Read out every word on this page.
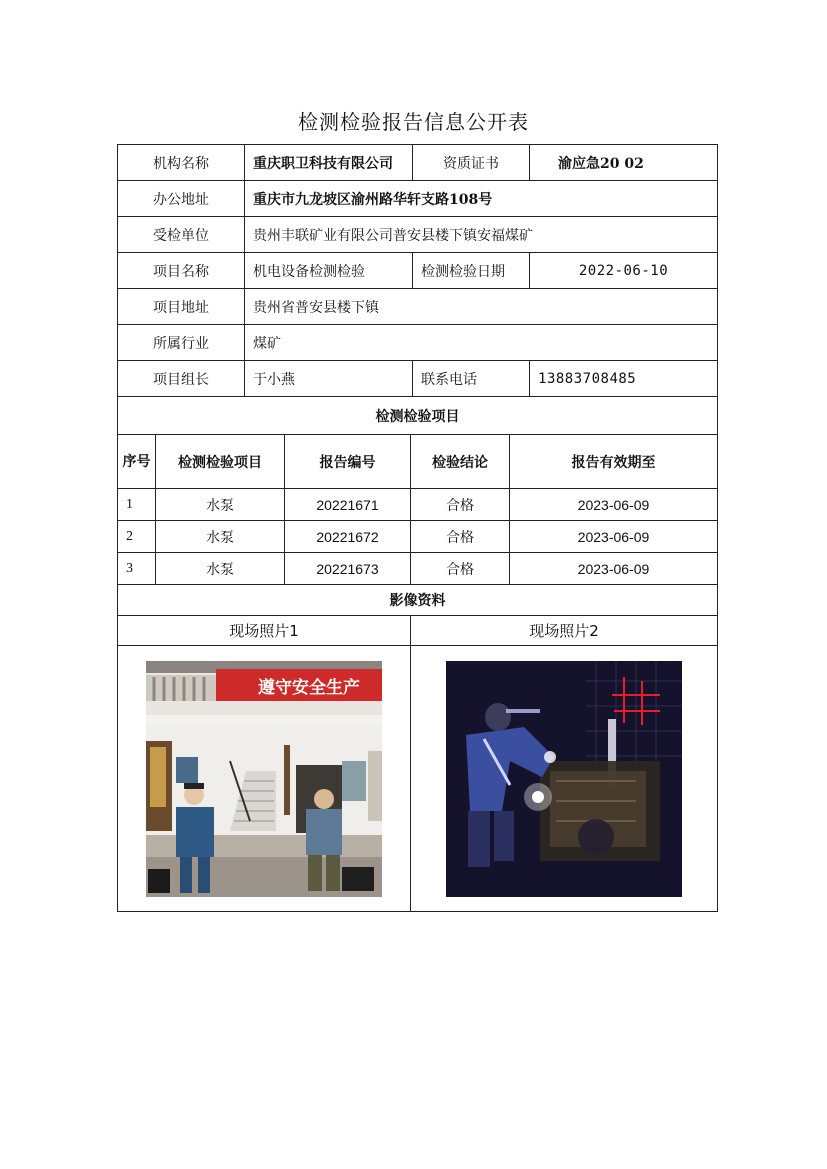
检测检验报告信息公开表
机构名称		重庆职卫科技有限公司			资质证书		渝应急20 02
办公地址		重庆市九龙坡区渝州路华轩支路108号					
受检单位		贵州丰联矿业有限公司普安县楼下镇安福煤矿					
项目名称		机电设备检测检验			检测检验日期		2022-06-10
项目地址		贵州省普安县楼下镇					
所属行业		煤矿					
项目组长		于小燕			联系电话		13883708485
检测检验项目							
序号	检测检验项目		报告编号	检验结论		报告有效期至	
1	水泵		20221671	合格		2023-06-09	
2	水泵		20221672	合格		2023-06-09	
3	水泵		20221673	合格		2023-06-09	
影像资料							
现场照片1				现场照片2			

遵守安全生产
